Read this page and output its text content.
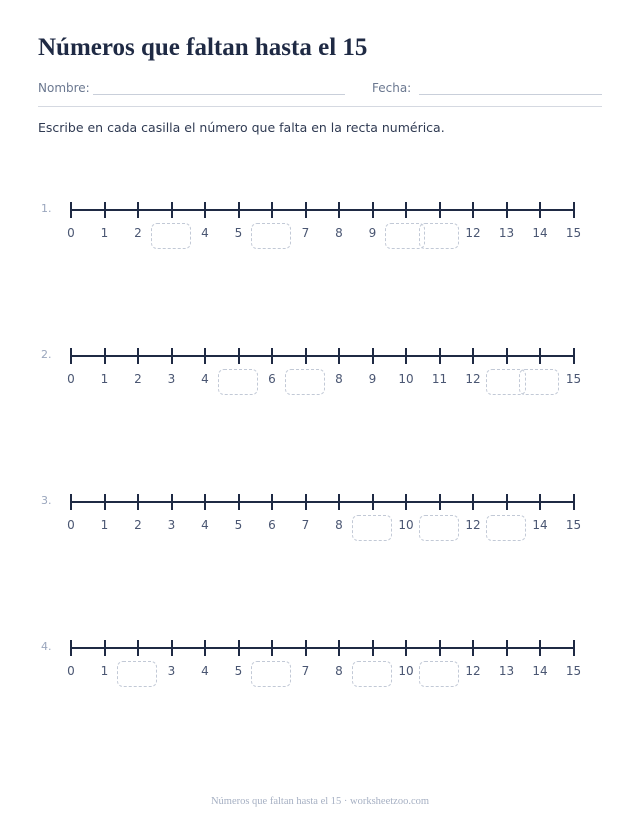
Números que faltan hasta el 15
Nombre:	Fecha:
Escribe en cada casilla el número que falta en la recta numérica.
1.
0	1	2	4	5	7	8	9	12	13	14	15
2.
0	1	2	3	4	6	8	9	10	11	12	15
3.
0	1	2	3	4	5	6	7	8	10	12	14	15
4.
0	1	3	4	5	7	8	10	12	13	14	15
Números que faltan hasta el 15 · worksheetzoo.com
